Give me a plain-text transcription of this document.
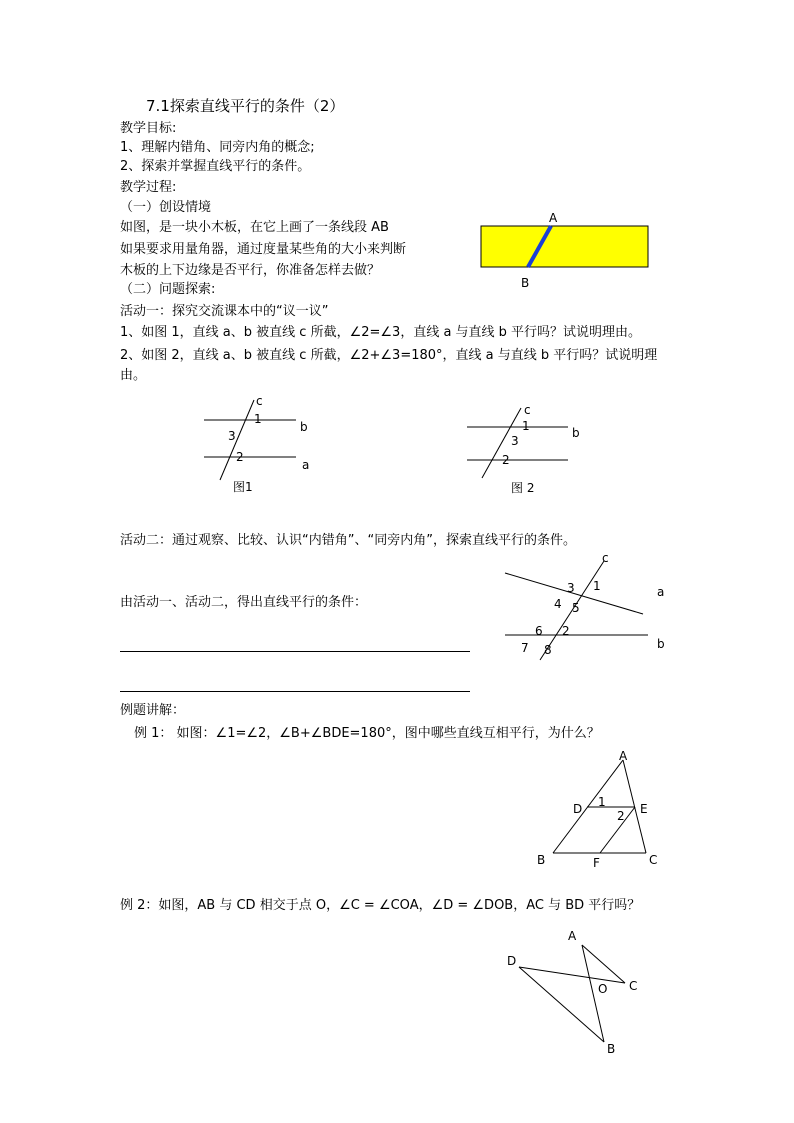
7.1探索直线平行的条件（2）
教学目标:
1、理解内错角、同旁内角的概念;
2、探索并掌握直线平行的条件。
教学过程:
（一）创设情境
如图，是一块小木板，在它上画了一条线段 AB
如果要求用量角器，通过度量某些角的大小来判断
木板的上下边缘是否平行，你准备怎样去做？
（二）问题探索:
A
B
活动一：探究交流课本中的“议一议”
1、如图 1，直线 a、b 被直线 c 所截，∠2=∠3，直线 a 与直线 b 平行吗？试说明理由。
2、如图 2，直线 a、b 被直线 c 所截，∠2+∠3=180°，直线 a 与直线 b 平行吗？试说明理
由。
c
1
3
2
b
a
图1
c
1
3
2
b
图 2
活动二：通过观察、比较、认识“内错角”、“同旁内角”，探索直线平行的条件。
由活动一、活动二，得出直线平行的条件：
c
a
b
3 1
4 5
6 2
7 8
例题讲解：
例 1： 如图：∠1=∠2，∠B+∠BDE=180°，图中哪些直线互相平行，为什么？
A
D	E
1
2
B	F	C
例 2：如图，AB 与 CD 相交于点 O，∠C = ∠COA，∠D = ∠DOB，AC 与 BD 平行吗？
A
D
C
O
B
